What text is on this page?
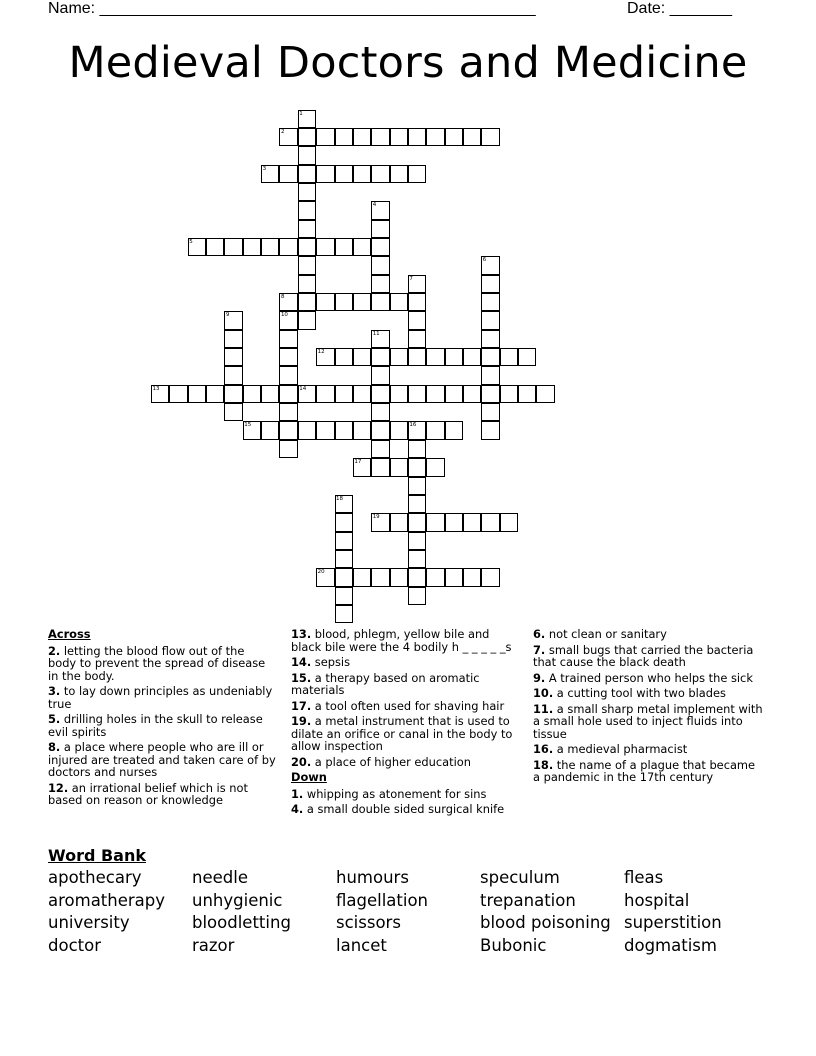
Name: _________________________________________________	Date: _______
Medieval Doctors and Medicine
1
2
3
4
5
6
7
8
9	10
11
12
13	14
15	16
17
18
19
20
Across
2. letting the blood flow out of the body to prevent the spread of disease in the body.
3. to lay down principles as undeniably true
5. drilling holes in the skull to release evil spirits
8. a place where people who are ill or injured are treated and taken care of by doctors and nurses
12. an irrational belief which is not based on reason or knowledge
13. blood, phlegm, yellow bile and black bile were the 4 bodily h _ _ _ _ _s
14. sepsis
15. a therapy based on aromatic materials
17. a tool often used for shaving hair
19. a metal instrument that is used to dilate an orifice or canal in the body to allow inspection
20. a place of higher education
Down
1. whipping as atonement for sins
4. a small double sided surgical knife
6. not clean or sanitary
7. small bugs that carried the bacteria that cause the black death
9. A trained person who helps the sick
10. a cutting tool with two blades
11. a small sharp metal implement with a small hole used to inject fluids into tissue
16. a medieval pharmacist
18. the name of a plague that became a pandemic in the 17th century
Word Bank
apothecary
aromatherapy
university
doctor
needle
unhygienic
bloodletting
razor
humours
flagellation
scissors
lancet
speculum
trepanation
blood poisoning
Bubonic
fleas
hospital
superstition
dogmatism
